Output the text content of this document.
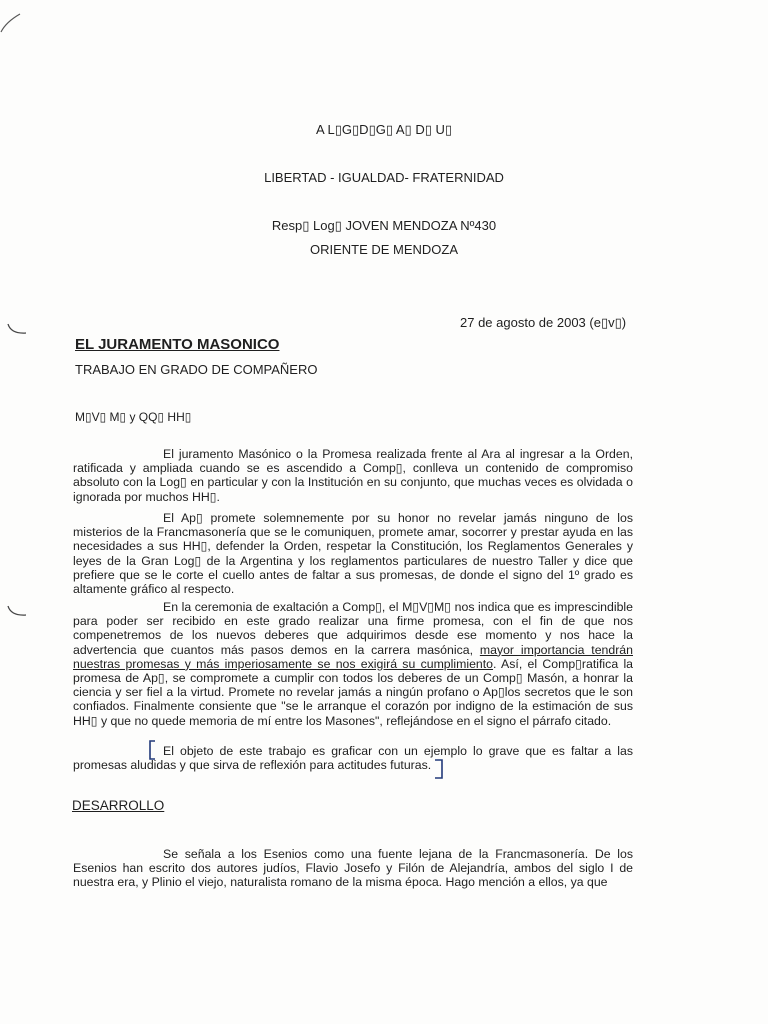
A L▯G▯D▯G▯ A▯ D▯ U▯
LIBERTAD - IGUALDAD- FRATERNIDAD
Resp▯ Log▯ JOVEN MENDOZA Nº430
ORIENTE DE MENDOZA
27 de agosto de 2003 (e▯v▯)
EL JURAMENTO MASONICO
TRABAJO EN GRADO DE COMPAÑERO
M▯V▯ M▯ y QQ▯ HH▯
El juramento Masónico o la Promesa realizada frente al Ara al ingresar a la Orden, ratificada y ampliada cuando se es ascendido a Comp▯, conlleva un contenido de compromiso absoluto con la Log▯ en particular y con la Institución en su conjunto, que muchas veces es olvidada o ignorada por muchos HH▯.
El Ap▯ promete solemnemente por su honor no revelar jamás ninguno de los misterios de la Francmasonería que se le comuniquen, promete amar, socorrer y prestar ayuda en las necesidades a sus HH▯, defender la Orden, respetar la Constitución, los Reglamentos Generales y leyes de la Gran Log▯ de la Argentina y los reglamentos particulares de nuestro Taller y dice que prefiere que se le corte el cuello antes de faltar a sus promesas, de donde el signo del 1º grado es altamente gráfico al respecto.
En la ceremonia de exaltación a Comp▯, el M▯V▯M▯ nos indica que es imprescindible para poder ser recibido en este grado realizar una firme promesa, con el fin de que nos compenetremos de los nuevos deberes que adquirimos desde ese momento y nos hace la advertencia que cuantos más pasos demos en la carrera masónica, mayor importancia tendrán nuestras promesas y más imperiosamente se nos exigirá su cumplimiento. Así, el Comp▯ratifica la promesa de Ap▯, se compromete a cumplir con todos los deberes de un Comp▯ Masón, a honrar la ciencia y ser fiel a la virtud. Promete no revelar jamás a ningún profano o Ap▯los secretos que le son confiados. Finalmente consiente que "se le arranque el corazón por indigno de la estimación de sus HH▯ y que no quede memoria de mí entre los Masones", reflejándose en el signo el párrafo citado.
El objeto de este trabajo es graficar con un ejemplo lo grave que es faltar a las promesas aludidas y que sirva de reflexión para actitudes futuras.
DESARROLLO
Se señala a los Esenios como una fuente lejana de la Francmasonería. De los Esenios han escrito dos autores judíos, Flavio Josefo y Filón de Alejandría, ambos del siglo I de nuestra era, y Plinio el viejo, naturalista romano de la misma época. Hago mención a ellos, ya que
